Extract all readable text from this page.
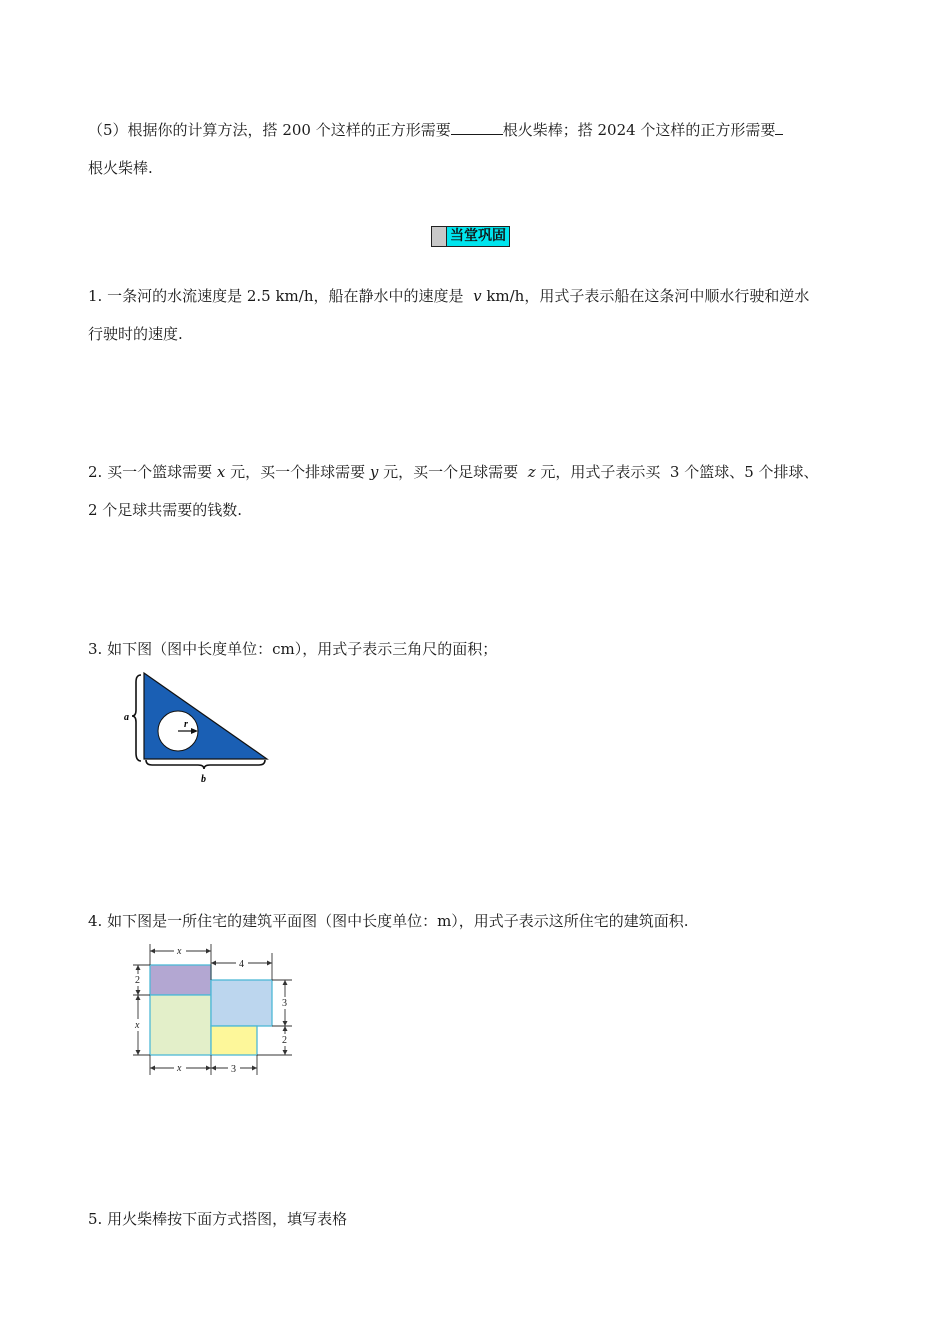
（5）根据你的计算方法，搭 200 个这样的正方形需要	根火柴棒；搭 2024 个这样的正方形需要
根火柴棒.
当堂巩固
1. 一条河的水流速度是 2.5 km/h，船在静水中的速度是 v km/h，用式子表示船在这条河中顺水行驶和逆水
行驶时的速度.
2. 买一个篮球需要 x 元，买一个排球需要 y 元，买一个足球需要 z 元，用式子表示买 3 个篮球、5 个排球、
2 个足球共需要的钱数.
3. 如下图（图中长度单位：cm），用式子表示三角尺的面积；
r
a
b
4. 如下图是一所住宅的建筑平面图（图中长度单位：m），用式子表示这所住宅的建筑面积.
x
4
x	3
2
x
3
2
5. 用火柴棒按下面方式搭图，填写表格
